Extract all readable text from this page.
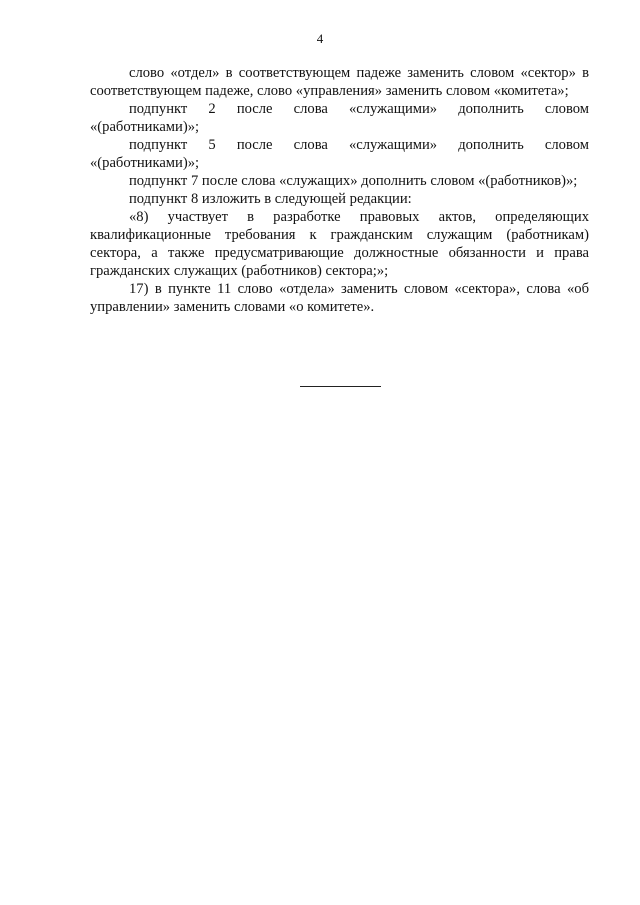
4

слово «отдел» в соответствующем падеже заменить словом «сектор» в соответствующем падеже, слово «управления» заменить словом «комитета»;

подпункт 2 после слова «служащими» дополнить словом «(работниками)»;

подпункт 5 после слова «служащими» дополнить словом «(работниками)»;

подпункт 7 после слова «служащих» дополнить словом «(работников)»;

подпункт 8 изложить в следующей редакции:

«8) участвует в разработке правовых актов, определяющих квалификационные требования к гражданским служащим (работникам) сектора, а также предусматривающие должностные обязанности и права гражданских служащих (работников) сектора;»;

17) в пункте 11 слово «отдела» заменить словом «сектора», слова «об управлении» заменить словами «о комитете».
